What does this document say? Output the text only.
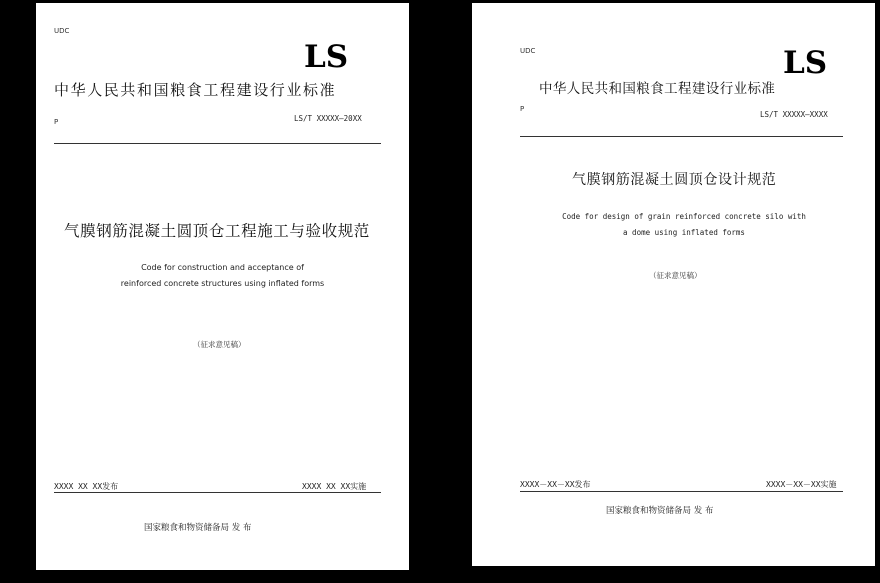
UDC
LS
中华人民共和国粮食工程建设行业标准
P	LS/T XXXXX—20XX
气膜钢筋混凝土圆顶仓工程施工与验收规范
Code for construction and acceptance of
reinforced concrete structures using inflated forms
（征求意见稿）
XXXX XX XX发布	XXXX XX XX实施
国家粮食和物资储备局 发 布
UDC	LS
中华人民共和国粮食工程建设行业标准
P
LS/T XXXXX—XXXX
气膜钢筋混凝土圆顶仓设计规范
Code for design of grain reinforced concrete silo with
a dome using inflated forms
（征求意见稿）
XXXX－XX－XX发布	XXXX－XX－XX实施
国家粮食和物资储备局 发 布
